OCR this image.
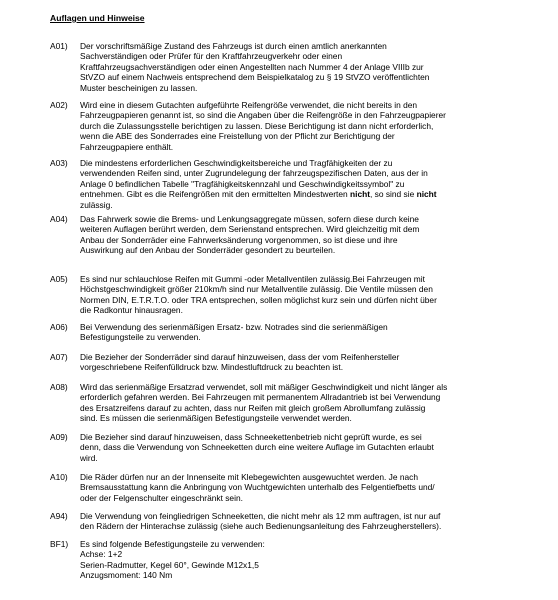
Auflagen und Hinweise
A01) Der vorschriftsmäßige Zustand des Fahrzeugs ist durch einen amtlich anerkannten
Sachverständigen oder Prüfer für den Kraftfahrzeugverkehr oder einen
Kraftfahrzeugsachverständigen oder einen Angestellten nach Nummer 4 der Anlage VIIIb zur
StVZO auf einem Nachweis entsprechend dem Beispielkatalog zu § 19 StVZO veröffentlichten
Muster bescheinigen zu lassen.
A02) Wird eine in diesem Gutachten aufgeführte Reifengröße verwendet, die nicht bereits in den
Fahrzeugpapieren genannt ist, so sind die Angaben über die Reifengröße in den Fahrzeugpapierer
durch die Zulassungsstelle berichtigen zu lassen. Diese Berichtigung ist dann nicht erforderlich,
wenn die ABE des Sonderrades eine Freistellung von der Pflicht zur Berichtigung der
Fahrzeugpapiere enthält.
A03) Die mindestens erforderlichen Geschwindigkeitsbereiche und Tragfähigkeiten der zu
verwendenden Reifen sind, unter Zugrundelegung der fahrzeugspezifischen Daten, aus der in
Anlage 0 befindlichen Tabelle "Tragfähigkeitskennzahl und Geschwindigkeitssymbol" zu
entnehmen. Gibt es die Reifengrößen mit den ermittelten Mindestwerten nicht, so sind sie nicht
zulässig.
A04) Das Fahrwerk sowie die Brems- und Lenkungsaggregate müssen, sofern diese durch keine
weiteren Auflagen berührt werden, dem Serienstand entsprechen. Wird gleichzeitig mit dem
Anbau der Sonderräder eine Fahrwerksänderung vorgenommen, so ist diese und ihre
Auswirkung auf den Anbau der Sonderräder gesondert zu beurteilen.
A05) Es sind nur schlauchlose Reifen mit Gummi -oder Metallventilen zulässig.Bei Fahrzeugen mit
Höchstgeschwindigkeit größer 210km/h sind nur Metallventile zulässig. Die Ventile müssen den
Normen DIN, E.T.R.T.O. oder TRA entsprechen, sollen möglichst kurz sein und dürfen nicht über
die Radkontur hinausragen.
A06) Bei Verwendung des serienmäßigen Ersatz- bzw. Notrades sind die serienmäßigen
Befestigungsteile zu verwenden.
A07) Die Bezieher der Sonderräder sind darauf hinzuweisen, dass der vom Reifenhersteller
vorgeschriebene Reifenfülldruck bzw. Mindestluftdruck zu beachten ist.
A08) Wird das serienmäßige Ersatzrad verwendet, soll mit mäßiger Geschwindigkeit und nicht länger als
erforderlich gefahren werden. Bei Fahrzeugen mit permanentem Allradantrieb ist bei Verwendung
des Ersatzreifens darauf zu achten, dass nur Reifen mit gleich großem Abrollumfang zulässig
sind. Es müssen die serienmäßigen Befestigungsteile verwendet werden.
A09) Die Bezieher sind darauf hinzuweisen, dass Schneekettenbetrieb nicht geprüft wurde, es sei
denn, dass die Verwendung von Schneeketten durch eine weitere Auflage im Gutachten erlaubt
wird.
A10) Die Räder dürfen nur an der Innenseite mit Klebegewichten ausgewuchtet werden. Je nach
Bremsausstattung kann die Anbringung von Wuchtgewichten unterhalb des Felgentiefbetts und/
oder der Felgenschulter eingeschränkt sein.
A94) Die Verwendung von feingliedrigen Schneeketten, die nicht mehr als 12 mm auftragen, ist nur auf
den Rädern der Hinterachse zulässig (siehe auch Bedienungsanleitung des Fahrzeugherstellers).
BF1) Es sind folgende Befestigungsteile zu verwenden:
Achse: 1+2
Serien-Radmutter, Kegel 60°, Gewinde M12x1,5
Anzugsmoment: 140 Nm
